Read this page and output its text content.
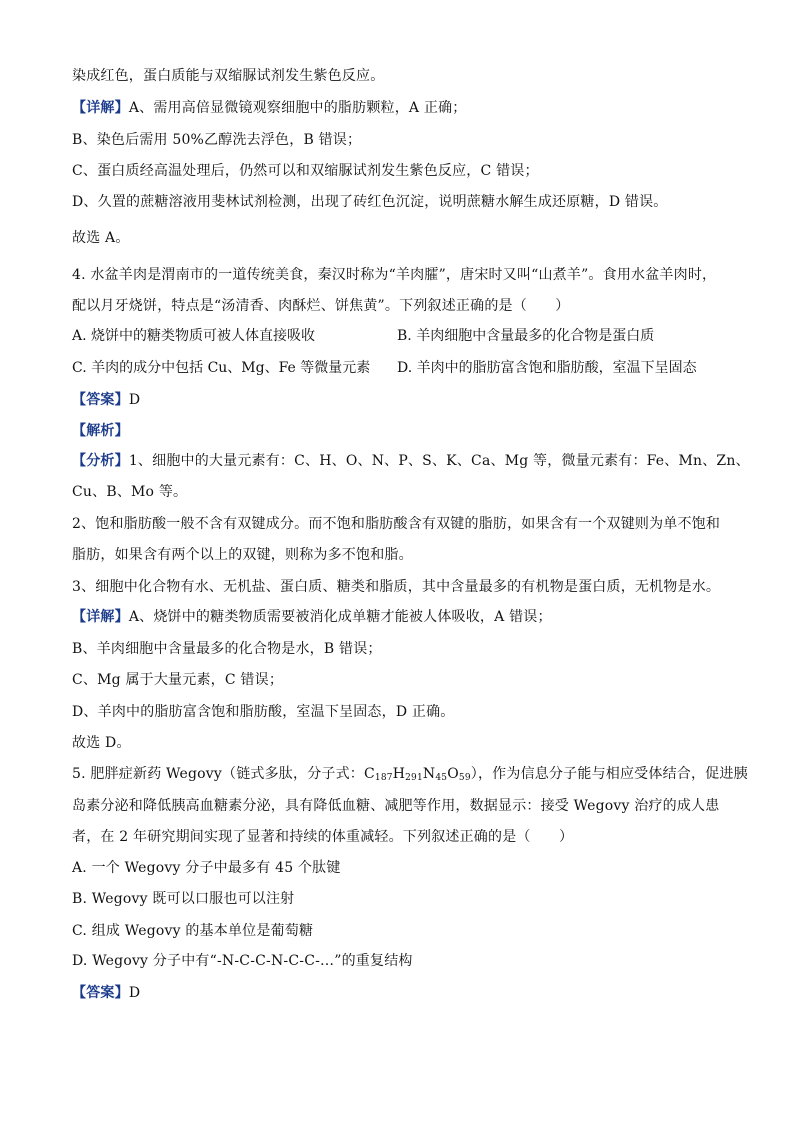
染成红色，蛋白质能与双缩脲试剂发生紫色反应。
【详解】A、需用高倍显微镜观察细胞中的脂肪颗粒，A 正确；
B、染色后需用 50%乙醇洗去浮色，B 错误；
C、蛋白质经高温处理后，仍然可以和双缩脲试剂发生紫色反应，C 错误；
D、久置的蔗糖溶液用斐林试剂检测，出现了砖红色沉淀，说明蔗糖水解生成还原糖，D 错误。
故选 A。
4. 水盆羊肉是渭南市的一道传统美食，秦汉时称为“羊肉臛”，唐宋时又叫“山煮羊”。食用水盆羊肉时，
配以月牙烧饼，特点是“汤清香、肉酥烂、饼焦黄”。下列叙述正确的是（　　）
A. 烧饼中的糖类物质可被人体直接吸收	B. 羊肉细胞中含量最多的化合物是蛋白质
C. 羊肉的成分中包括 Cu、Mg、Fe 等微量元素 D. 羊肉中的脂肪富含饱和脂肪酸，室温下呈固态
【答案】D
【解析】
【分析】1、细胞中的大量元素有：C、H、O、N、P、S、K、Ca、Mg 等，微量元素有：Fe、Mn、Zn、
Cu、B、Mo 等。
2、饱和脂肪酸一般不含有双键成分。而不饱和脂肪酸含有双键的脂肪，如果含有一个双键则为单不饱和
脂肪，如果含有两个以上的双键，则称为多不饱和脂。
3、细胞中化合物有水、无机盐、蛋白质、糖类和脂质，其中含量最多的有机物是蛋白质，无机物是水。
【详解】A、烧饼中的糖类物质需要被消化成单糖才能被人体吸收，A 错误；
B、羊肉细胞中含量最多的化合物是水，B 错误；
C、Mg 属于大量元素，C 错误；
D、羊肉中的脂肪富含饱和脂肪酸，室温下呈固态，D 正确。
故选 D。
5. 肥胖症新药 Wegovy（链式多肽，分子式：$C_{187}H_{291}N_{45}O_{59}$），作为信息分子能与相应受体结合，促进胰
岛素分泌和降低胰高血糖素分泌，具有降低血糖、减肥等作用，数据显示：接受 Wegovy 治疗的成人患
者，在 2 年研究期间实现了显著和持续的体重减轻。下列叙述正确的是（　　）
A. 一个 Wegovy 分子中最多有 45 个肽键
B. Wegovy 既可以口服也可以注射
C. 组成 Wegovy 的基本单位是葡萄糖
D. Wegovy 分子中有“-N-C-C-N-C-C-…”的重复结构
【答案】D
